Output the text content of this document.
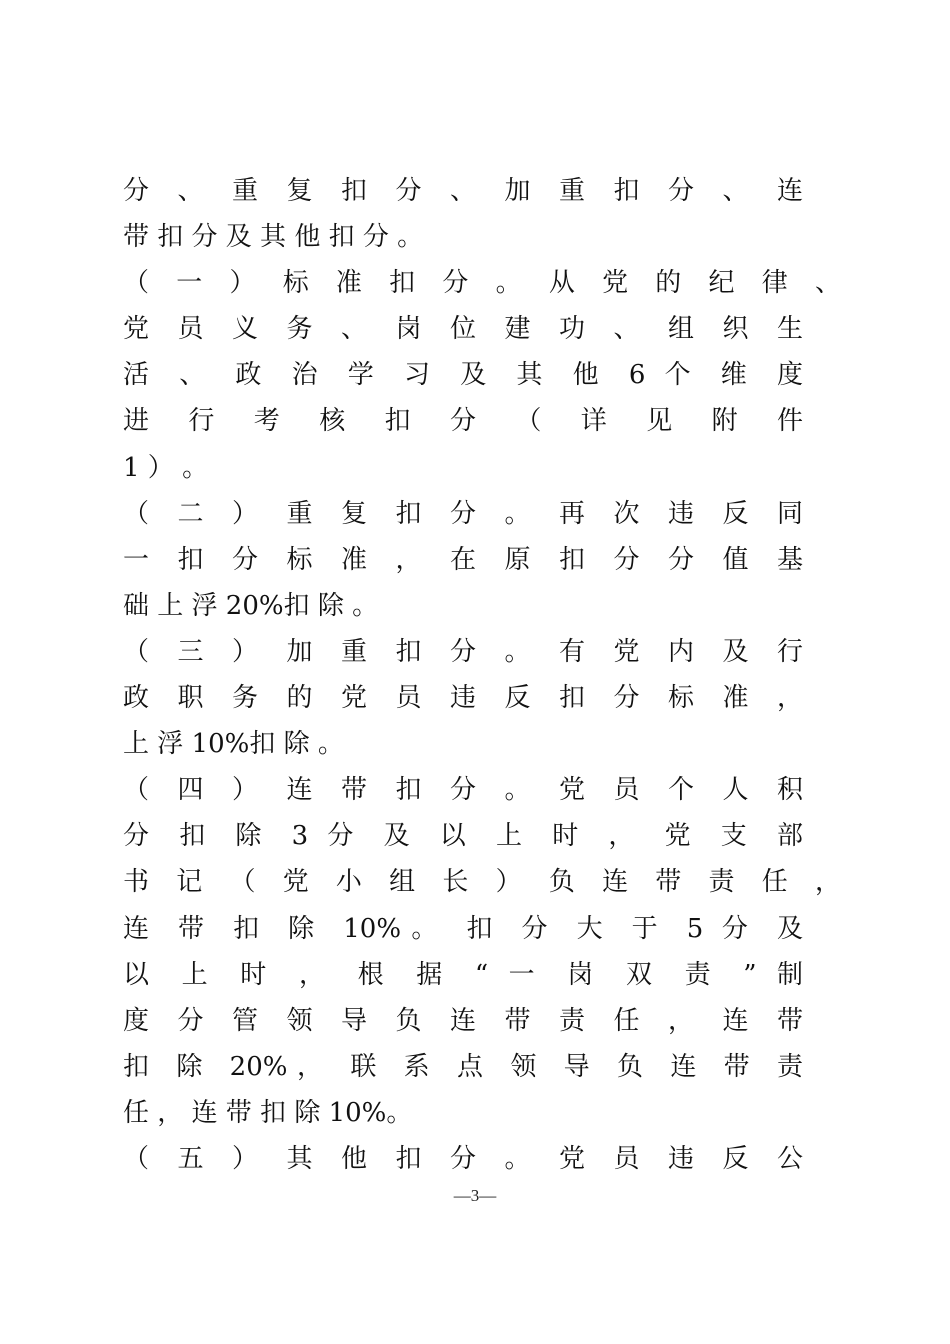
分 、 重 复 扣 分 、 加 重 扣 分 、 连
带 扣 分 及 其 他 扣 分 。
（ 一 ） 标 准 扣 分 。 从 党 的 纪 律 、
党 员 义 务 、 岗 位 建 功 、 组 织 生
活 、 政 治 学 习 及 其 他 6 个 维 度
进 行 考 核 扣 分 （ 详 见 附 件
1 ） 。
（ 二 ） 重 复 扣 分 。 再 次 违 反 同
一 扣 分 标 准 ， 在 原 扣 分 分 值 基
础 上 浮 20%扣 除 。
（ 三 ） 加 重 扣 分 。 有 党 内 及 行
政 职 务 的 党 员 违 反 扣 分 标 准 ，
上 浮 10%扣 除 。
（ 四 ） 连 带 扣 分 。 党 员 个 人 积
分 扣 除 3 分 及 以 上 时 ， 党 支 部
书 记 （ 党 小 组 长 ） 负 连 带 责 任 ，
连 带 扣 除 10%。 扣 分 大 于 5 分 及
以 上 时 ， 根 据 “ 一 岗 双 责 ” 制
度 分 管 领 导 负 连 带 责 任 ， 连 带
扣 除 20%， 联 系 点 领 导 负 连 带 责
任 ， 连 带 扣 除 10%。
（ 五 ） 其 他 扣 分 。 党 员 违 反 公
—3—
